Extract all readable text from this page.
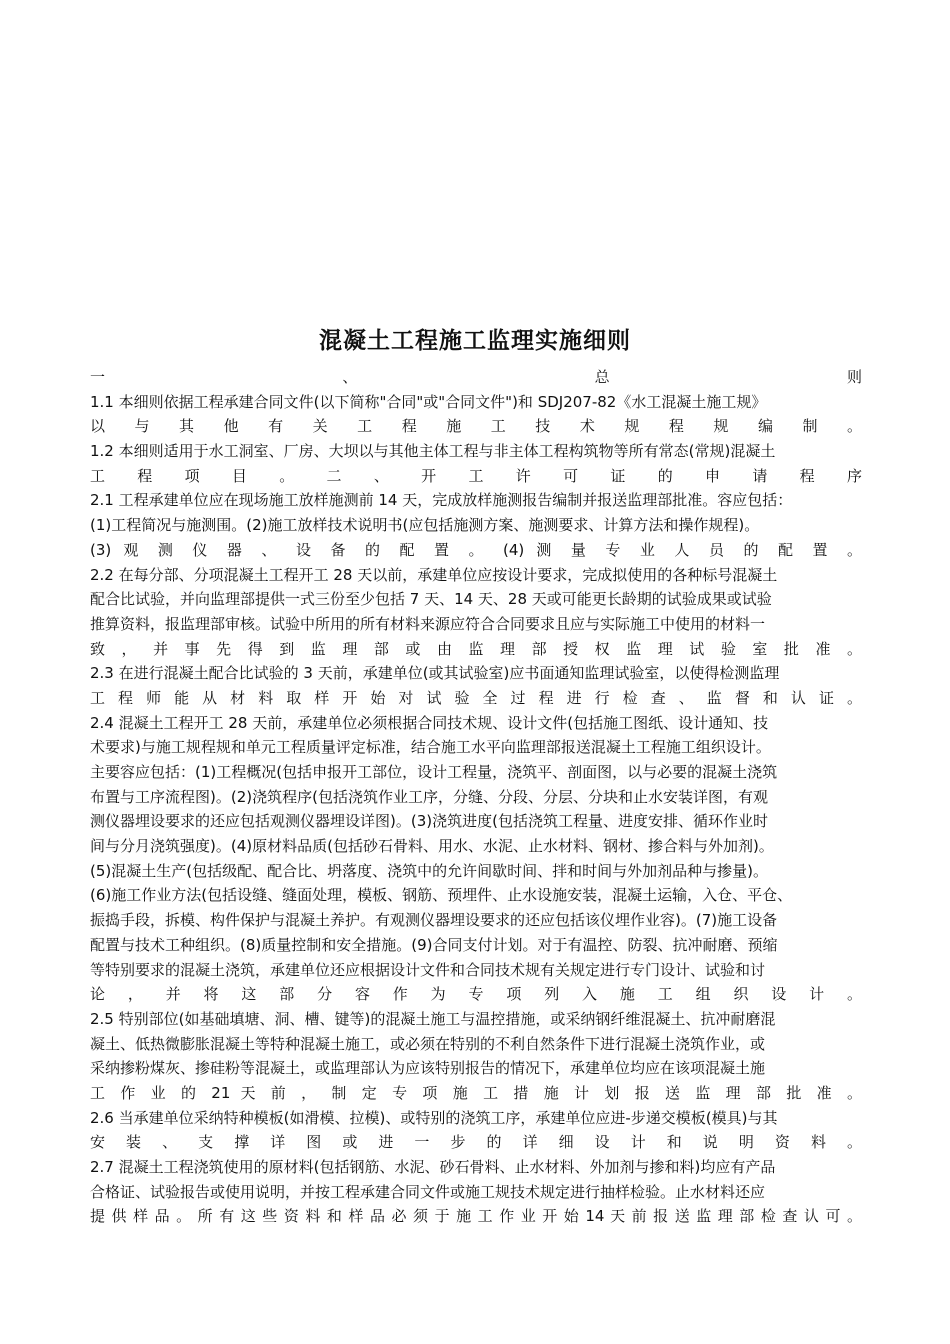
混凝土工程施工监理实施细则
一 、 总 则
1.1 本细则依据工程承建合同文件(以下简称"合同"或"合同文件")和 SDJ207-82《水工混凝土施工规》
以 与 其 他 有 关 工 程 施 工 技 术 规 程 规 编 制 。
1.2 本细则适用于水工洞室、厂房、大坝以与其他主体工程与非主体工程构筑物等所有常态(常规)混凝土
工 程 项 目 。 二 、 开 工 许 可 证 的 申 请 程 序
2.1 工程承建单位应在现场施工放样施测前 14 天，完成放样施测报告编制并报送监理部批准。容应包括：
(1)工程简况与施测围。(2)施工放样技术说明书(应包括施测方案、施测要求、计算方法和操作规程)。
(3) 观 测 仪 器 、 设 备 的 配 置 。 (4) 测 量 专 业 人 员 的 配 置 。
2.2 在每分部、分项混凝土工程开工 28 天以前，承建单位应按设计要求，完成拟使用的各种标号混凝土
配合比试验，并向监理部提供一式三份至少包括 7 天、14 天、28 天或可能更长龄期的试验成果或试验
推算资料，报监理部审核。试验中所用的所有材料来源应符合合同要求且应与实际施工中使用的材料一
致 ， 并 事 先 得 到 监 理 部 或 由 监 理 部 授 权 监 理 试 验 室 批 准 。
2.3 在进行混凝土配合比试验的 3 天前，承建单位(或其试验室)应书面通知监理试验室，以使得检测监理
工 程 师 能 从 材 料 取 样 开 始 对 试 验 全 过 程 进 行 检 查 、 监 督 和 认 证 。
2.4 混凝土工程开工 28 天前，承建单位必须根据合同技术规、设计文件(包括施工图纸、设计通知、技
术要求)与施工规程规和单元工程质量评定标准，结合施工水平向监理部报送混凝土工程施工组织设计。
主要容应包括：(1)工程概况(包括申报开工部位，设计工程量，浇筑平、剖面图，以与必要的混凝土浇筑
布置与工序流程图)。(2)浇筑程序(包括浇筑作业工序，分缝、分段、分层、分块和止水安装详图，有观
测仪器埋设要求的还应包括观测仪器埋设详图)。(3)浇筑进度(包括浇筑工程量、进度安排、循环作业时
间与分月浇筑强度)。(4)原材料品质(包括砂石骨料、用水、水泥、止水材料、钢材、掺合料与外加剂)。
(5)混凝土生产(包括级配、配合比、坍落度、浇筑中的允许间歇时间、拌和时间与外加剂品种与掺量)。
(6)施工作业方法(包括设缝、缝面处理，模板、钢筋、预埋件、止水设施安装，混凝土运输，入仓、平仓、
振捣手段，拆模、构件保护与混凝土养护。有观测仪器埋设要求的还应包括该仪埋作业容)。(7)施工设备
配置与技术工种组织。(8)质量控制和安全措施。(9)合同支付计划。对于有温控、防裂、抗冲耐磨、预缩
等特别要求的混凝土浇筑，承建单位还应根据设计文件和合同技术规有关规定进行专门设计、试验和讨
论 ， 并 将 这 部 分 容 作 为 专 项 列 入 施 工 组 织 设 计 。
2.5 特别部位(如基础填塘、洞、槽、键等)的混凝土施工与温控措施，或采纳钢纤维混凝土、抗冲耐磨混
凝土、低热微膨胀混凝土等特种混凝土施工，或必须在特别的不利自然条件下进行混凝土浇筑作业，或
采纳掺粉煤灰、掺硅粉等混凝土，或监理部认为应该特别报告的情况下，承建单位均应在该项混凝土施
工 作 业 的 21 天 前 ， 制 定 专 项 施 工 措 施 计 划 报 送 监 理 部 批 准 。
2.6 当承建单位采纳特种模板(如滑模、拉模)、或特别的浇筑工序，承建单位应进-步递交模板(模具)与其
安 装 、 支 撑 详 图 或 进 一 步 的 详 细 设 计 和 说 明 资 料 。
2.7 混凝土工程浇筑使用的原材料(包括钢筋、水泥、砂石骨料、止水材料、外加剂与掺和料)均应有产品
合格证、试验报告或使用说明，并按工程承建合同文件或施工规技术规定进行抽样检验。止水材料还应
提 供 样 品 。 所 有 这 些 资 料 和 样 品 必 须 于 施 工 作 业 开 始 14 天 前 报 送 监 理 部 检 查 认 可 。
